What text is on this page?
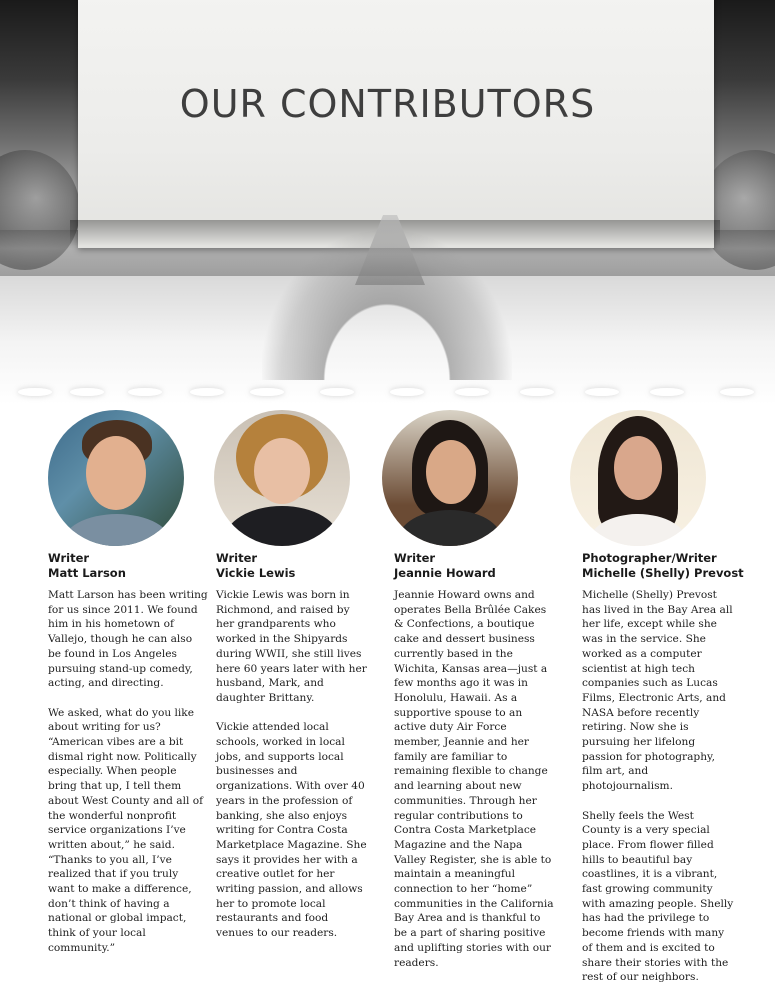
OUR CONTRIBUTORS
Writer
Matt Larson

Matt Larson has been writing for us since 2011. We found him in his hometown of Vallejo, though he can also be found in Los Angeles pursuing stand-up comedy, acting, and directing.

We asked, what do you like about writing for us? “American vibes are a bit dismal right now. Politically especially. When people bring that up, I tell them about West County and all of the wonderful nonprofit service organizations I’ve written about,” he said. “Thanks to you all, I’ve realized that if you truly want to make a difference, don’t think of having a national or global impact, think of your local community.”

Writer
Vickie Lewis

Vickie Lewis was born in Richmond, and raised by her grandparents who worked in the Shipyards during WWII, she still lives here 60 years later with her husband, Mark, and daughter Brittany.

Vickie attended local schools, worked in local jobs, and supports local businesses and organizations. With over 40 years in the profession of banking, she also enjoys writing for Contra Costa Marketplace Magazine. She says it provides her with a creative outlet for her writing passion, and allows her to promote local restaurants and food venues to our readers.

Writer
Jeannie Howard

Jeannie Howard owns and operates Bella Brûlée Cakes & Confections, a boutique cake and dessert business currently based in the Wichita, Kansas area—just a few months ago it was in Honolulu, Hawaii. As a supportive spouse to an active duty Air Force member, Jeannie and her family are familiar to remaining flexible to change and learning about new communities. Through her regular contributions to Contra Costa Marketplace Magazine and the Napa Valley Register, she is able to maintain a meaningful connection to her “home” communities in the California Bay Area and is thankful to be a part of sharing positive and uplifting stories with our readers.

Photographer/Writer
Michelle (Shelly) Prevost

Michelle (Shelly) Prevost has lived in the Bay Area all her life, except while she was in the service. She worked as a computer scientist at high tech companies such as Lucas Films, Electronic Arts, and NASA before recently retiring. Now she is pursuing her lifelong passion for photography, film art, and photojournalism.

Shelly feels the West County is a very special place. From flower filled hills to beautiful bay coastlines, it is a vibrant, fast growing community with amazing people. Shelly has had the privilege to become friends with many of them and is excited to share their stories with the rest of our neighbors.
